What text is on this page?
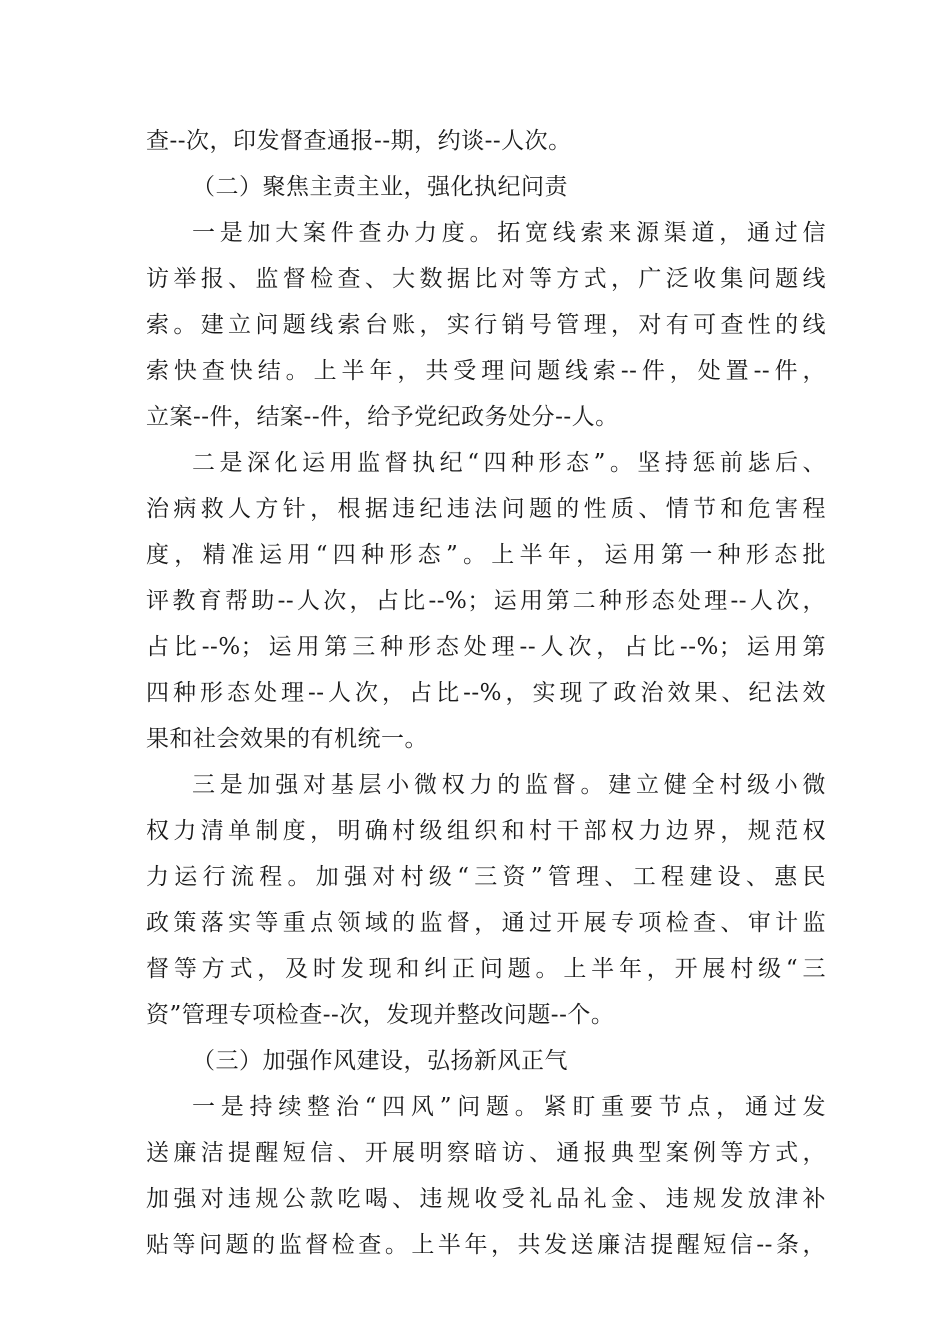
查--次，印发督查通报--期，约谈--人次。
（二）聚焦主责主业，强化执纪问责
一是加大案件查办力度。拓宽线索来源渠道，通过信
访举报、监督检查、大数据比对等方式，广泛收集问题线
索。建立问题线索台账，实行销号管理，对有可查性的线
索快查快结。上半年，共受理问题线索--件，处置--件，
立案--件，结案--件，给予党纪政务处分--人。
二是深化运用监督执纪“四种形态”。坚持惩前毖后、
治病救人方针，根据违纪违法问题的性质、情节和危害程
度，精准运用“四种形态”。上半年，运用第一种形态批
评教育帮助--人次，占比--%；运用第二种形态处理--人次，
占比--%；运用第三种形态处理--人次，占比--%；运用第
四种形态处理--人次，占比--%，实现了政治效果、纪法效
果和社会效果的有机统一。
三是加强对基层小微权力的监督。建立健全村级小微
权力清单制度，明确村级组织和村干部权力边界，规范权
力运行流程。加强对村级“三资”管理、工程建设、惠民
政策落实等重点领域的监督，通过开展专项检查、审计监
督等方式，及时发现和纠正问题。上半年，开展村级“三
资”管理专项检查--次，发现并整改问题--个。
（三）加强作风建设，弘扬新风正气
一是持续整治“四风”问题。紧盯重要节点，通过发
送廉洁提醒短信、开展明察暗访、通报典型案例等方式，
加强对违规公款吃喝、违规收受礼品礼金、违规发放津补
贴等问题的监督检查。上半年，共发送廉洁提醒短信--条，
